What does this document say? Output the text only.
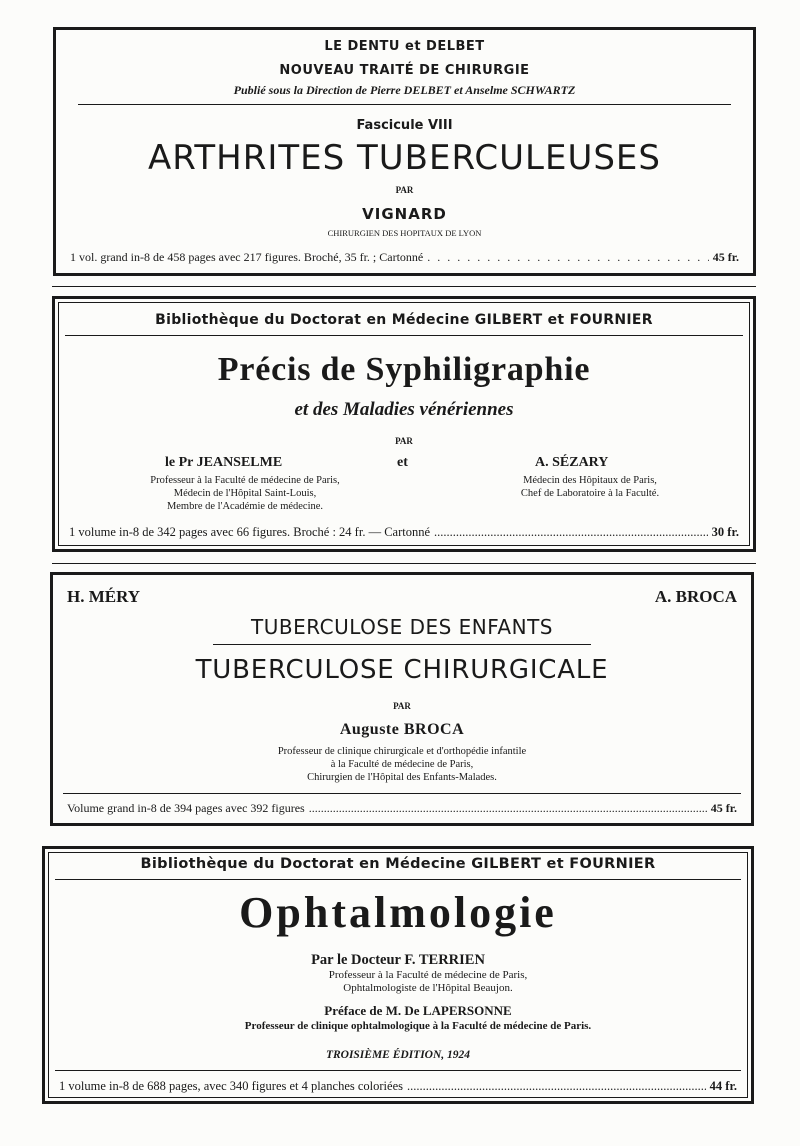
LE DENTU et DELBET
NOUVEAU TRAITÉ DE CHIRURGIE
Publié sous la Direction de Pierre DELBET et Anselme SCHWARTZ
Fascicule VIII
ARTHRITES TUBERCULEUSES
PAR
VIGNARD
CHIRURGIEN DES HOPITAUX DE LYON
1 vol. grand in-8 de 458 pages avec 217 figures. Broché, 35 fr. ; Cartonné . . .	45 fr.
Bibliothèque du Doctorat en Médecine GILBERT et FOURNIER
Précis de Syphiligraphie
et des Maladies vénériennes
PAR
le Pr JEANSELME	et	A. SÉZARY
Professeur à la Faculté de médecine de Paris,
Médecin de l'Hôpital Saint-Louis,
Membre de l'Académie de médecine.
Médecin des Hôpitaux de Paris,
Chef de Laboratoire à la Faculté.
1 volume in-8 de 342 pages avec 66 figures. Broché : 24 fr. — Cartonné .....	30 fr.
H. MÉRY	A. BROCA
TUBERCULOSE DES ENFANTS
TUBERCULOSE CHIRURGICALE
PAR
Auguste BROCA
Professeur de clinique chirurgicale et d'orthopédie infantile
à la Faculté de médecine de Paris,
Chirurgien de l'Hôpital des Enfants-Malades.
Volume grand in-8 de 394 pages avec 392 figures .....	45 fr.
Bibliothèque du Doctorat en Médecine GILBERT et FOURNIER
Ophtalmologie
Par le Docteur F. TERRIEN
Professeur à la Faculté de médecine de Paris,
Ophtalmologiste de l'Hôpital Beaujon.
Préface de M. De LAPERSONNE
Professeur de clinique ophtalmologique à la Faculté de médecine de Paris.
TROISIÈME ÉDITION, 1924
1 volume in-8 de 688 pages, avec 340 figures et 4 planches coloriées .....	44 fr.
